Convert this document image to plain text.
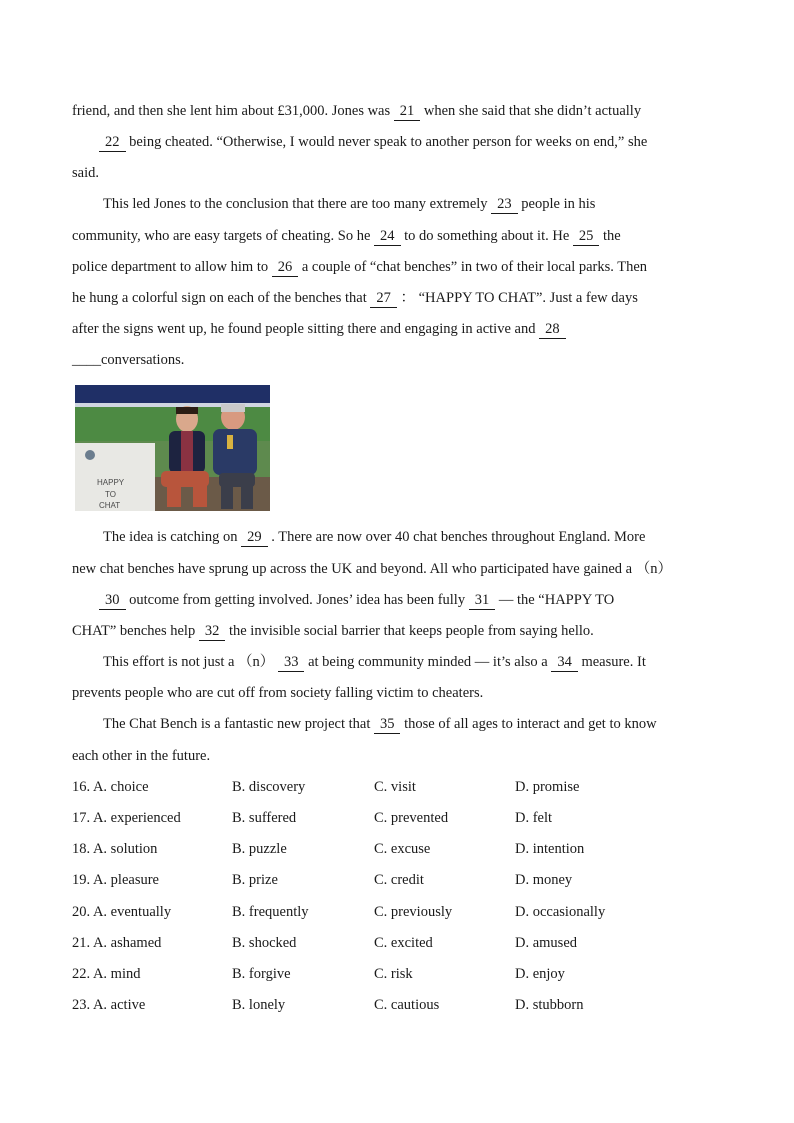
friend, and then she lent him about £31,000. Jones was 21 when she said that she didn’t actually
22 being cheated. “Otherwise, I would never speak to another person for weeks on end,” she
said.
This led Jones to the conclusion that there are too many extremely 23 people in his
community, who are easy targets of cheating. So he 24 to do something about it. He 25 the
police department to allow him to 26 a couple of “chat benches” in two of their local parks. Then
he hung a colorful sign on each of the benches that 27 ： “HAPPY TO CHAT”. Just a few days
after the signs went up, he found people sitting there and engaging in active and 28
____conversations.
HAPPY
TO
CHAT
The idea is catching on 29 . There are now over 40 chat benches throughout England. More
new chat benches have sprung up across the UK and beyond. All who participated have gained a （n）
30 outcome from getting involved. Jones’ idea has been fully 31 — the “HAPPY TO
CHAT” benches help 32 the invisible social barrier that keeps people from saying hello.
This effort is not just a （n） 33 at being community minded — it’s also a 34 measure. It
prevents people who are cut off from society falling victim to cheaters.
The Chat Bench is a fantastic new project that 35 those of all ages to interact and get to know
each other in the future.
16. A. choice	B. discovery	C. visit	D. promise
17. A. experienced	B. suffered	C. prevented	D. felt
18. A. solution	B. puzzle	C. excuse	D. intention
19. A. pleasure	B. prize	C. credit	D. money
20. A. eventually	B. frequently	C. previously	D. occasionally
21. A. ashamed	B. shocked	C. excited	D. amused
22. A. mind	B. forgive	C. risk	D. enjoy
23. A. active	B. lonely	C. cautious	D. stubborn
